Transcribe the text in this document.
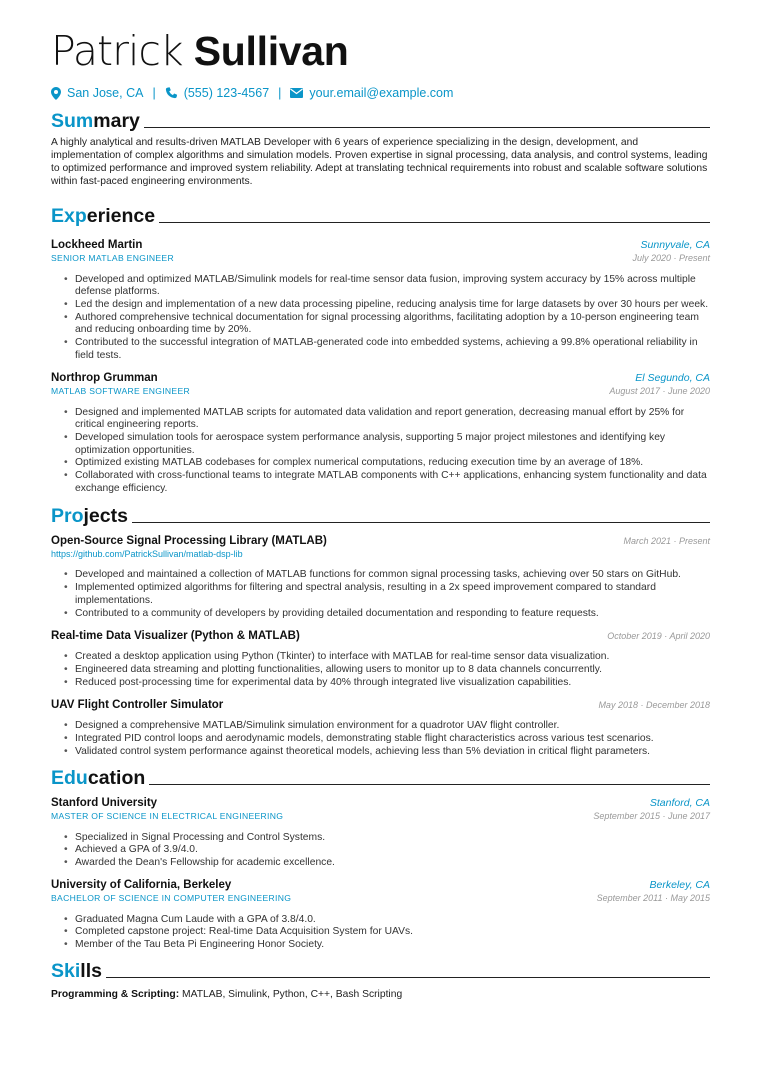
Patrick Sullivan
San Jose, CA | (555) 123-4567 | your.email@example.com
Summary
A highly analytical and results-driven MATLAB Developer with 6 years of experience specializing in the design, development, and implementation of complex algorithms and simulation models. Proven expertise in signal processing, data analysis, and control systems, leading to optimized performance and improved system reliability. Adept at translating technical requirements into robust and scalable software solutions within fast-paced engineering environments.
Experience
Lockheed Martin	Sunnyvale, CA
SENIOR MATLAB ENGINEER	July 2020 · Present
• Developed and optimized MATLAB/Simulink models for real-time sensor data fusion, improving system accuracy by 15% across multiple defense platforms.
• Led the design and implementation of a new data processing pipeline, reducing analysis time for large datasets by over 30 hours per week.
• Authored comprehensive technical documentation for signal processing algorithms, facilitating adoption by a 10-person engineering team and reducing onboarding time by 20%.
• Contributed to the successful integration of MATLAB-generated code into embedded systems, achieving a 99.8% operational reliability in field tests.
Northrop Grumman	El Segundo, CA
MATLAB SOFTWARE ENGINEER	August 2017 · June 2020
• Designed and implemented MATLAB scripts for automated data validation and report generation, decreasing manual effort by 25% for critical engineering reports.
• Developed simulation tools for aerospace system performance analysis, supporting 5 major project milestones and identifying key optimization opportunities.
• Optimized existing MATLAB codebases for complex numerical computations, reducing execution time by an average of 18%.
• Collaborated with cross-functional teams to integrate MATLAB components with C++ applications, enhancing system functionality and data exchange efficiency.
Projects
Open-Source Signal Processing Library (MATLAB)	March 2021 · Present
https://github.com/PatrickSullivan/matlab-dsp-lib
• Developed and maintained a collection of MATLAB functions for common signal processing tasks, achieving over 50 stars on GitHub.
• Implemented optimized algorithms for filtering and spectral analysis, resulting in a 2x speed improvement compared to standard implementations.
• Contributed to a community of developers by providing detailed documentation and responding to feature requests.
Real-time Data Visualizer (Python & MATLAB)	October 2019 · April 2020
• Created a desktop application using Python (Tkinter) to interface with MATLAB for real-time sensor data visualization.
• Engineered data streaming and plotting functionalities, allowing users to monitor up to 8 data channels concurrently.
• Reduced post-processing time for experimental data by 40% through integrated live visualization capabilities.
UAV Flight Controller Simulator	May 2018 · December 2018
• Designed a comprehensive MATLAB/Simulink simulation environment for a quadrotor UAV flight controller.
• Integrated PID control loops and aerodynamic models, demonstrating stable flight characteristics across various test scenarios.
• Validated control system performance against theoretical models, achieving less than 5% deviation in critical flight parameters.
Education
Stanford University	Stanford, CA
MASTER OF SCIENCE IN ELECTRICAL ENGINEERING	September 2015 · June 2017
• Specialized in Signal Processing and Control Systems.
• Achieved a GPA of 3.9/4.0.
• Awarded the Dean's Fellowship for academic excellence.
University of California, Berkeley	Berkeley, CA
BACHELOR OF SCIENCE IN COMPUTER ENGINEERING	September 2011 · May 2015
• Graduated Magna Cum Laude with a GPA of 3.8/4.0.
• Completed capstone project: Real-time Data Acquisition System for UAVs.
• Member of the Tau Beta Pi Engineering Honor Society.
Skills
Programming & Scripting: MATLAB, Simulink, Python, C++, Bash Scripting
